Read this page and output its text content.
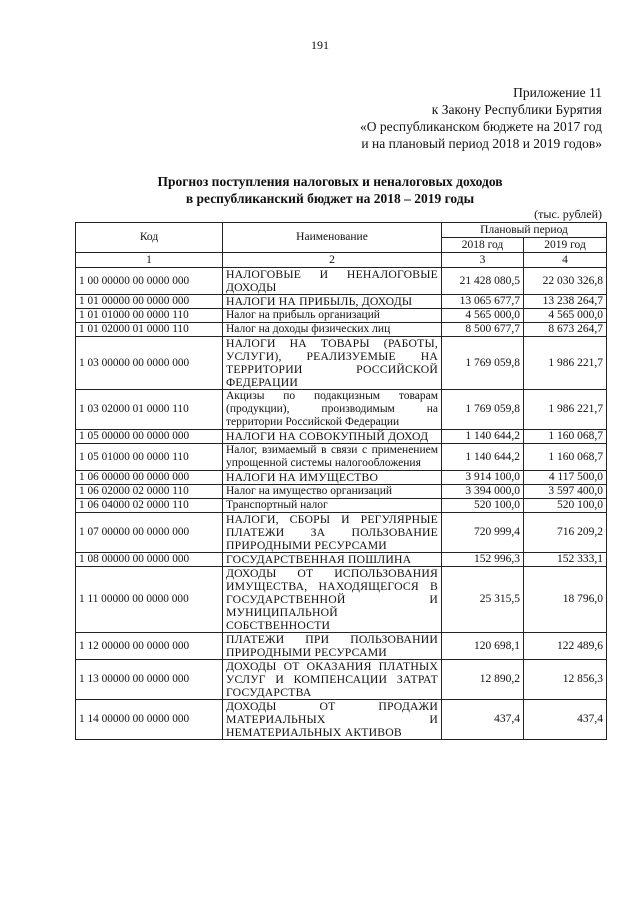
191
Приложение 11
к Закону Республики Бурятия
«О республиканском бюджете на 2017 год
и на плановый период 2018 и 2019 годов»
Прогноз поступления налоговых и неналоговых доходов
в республиканский бюджет на 2018 – 2019 годы
(тыс. рублей)
Код	Наименование	Плановый период	
		2018 год	2019 год
1	2	3	4
1 00 00000 00 0000 000	НАЛОГОВЫЕ И НЕНАЛОГОВЫЕ ДОХОДЫ	21 428 080,5	22 030 326,8
1 01 00000 00 0000 000	НАЛОГИ НА ПРИБЫЛЬ, ДОХОДЫ	13 065 677,7	13 238 264,7
1 01 01000 00 0000 110	Налог на прибыль организаций	4 565 000,0	4 565 000,0
1 01 02000 01 0000 110	Налог на доходы физических лиц	8 500 677,7	8 673 264,7
1 03 00000 00 0000 000	НАЛОГИ НА ТОВАРЫ (РАБОТЫ, УСЛУГИ), РЕАЛИЗУЕМЫЕ НА ТЕРРИТОРИИ РОССИЙСКОЙ ФЕДЕРАЦИИ	1 769 059,8	1 986 221,7
1 03 02000 01 0000 110	Акцизы по подакцизным товарам (продукции), производимым на территории Российской Федерации	1 769 059,8	1 986 221,7
1 05 00000 00 0000 000	НАЛОГИ НА СОВОКУПНЫЙ ДОХОД	1 140 644,2	1 160 068,7
1 05 01000 00 0000 110	Налог, взимаемый в связи с применением упрощенной системы налогообложения	1 140 644,2	1 160 068,7
1 06 00000 00 0000 000	НАЛОГИ НА ИМУЩЕСТВО	3 914 100,0	4 117 500,0
1 06 02000 02 0000 110	Налог на имущество организаций	3 394 000,0	3 597 400,0
1 06 04000 02 0000 110	Транспортный налог	520 100,0	520 100,0
1 07 00000 00 0000 000	НАЛОГИ, СБОРЫ И РЕГУЛЯРНЫЕ ПЛАТЕЖИ ЗА ПОЛЬЗОВАНИЕ ПРИРОДНЫМИ РЕСУРСАМИ	720 999,4	716 209,2
1 08 00000 00 0000 000	ГОСУДАРСТВЕННАЯ ПОШЛИНА	152 996,3	152 333,1
1 11 00000 00 0000 000	ДОХОДЫ ОТ ИСПОЛЬЗОВАНИЯ ИМУЩЕСТВА, НАХОДЯЩЕГОСЯ В ГОСУДАРСТВЕННОЙ И МУНИЦИПАЛЬНОЙ СОБСТВЕННОСТИ	25 315,5	18 796,0
1 12 00000 00 0000 000	ПЛАТЕЖИ ПРИ ПОЛЬЗОВАНИИ ПРИРОДНЫМИ РЕСУРСАМИ	120 698,1	122 489,6
1 13 00000 00 0000 000	ДОХОДЫ ОТ ОКАЗАНИЯ ПЛАТНЫХ УСЛУГ И КОМПЕНСАЦИИ ЗАТРАТ ГОСУДАРСТВА	12 890,2	12 856,3
1 14 00000 00 0000 000	ДОХОДЫ ОТ ПРОДАЖИ МАТЕРИАЛЬНЫХ И НЕМАТЕРИАЛЬНЫХ АКТИВОВ	437,4	437,4
